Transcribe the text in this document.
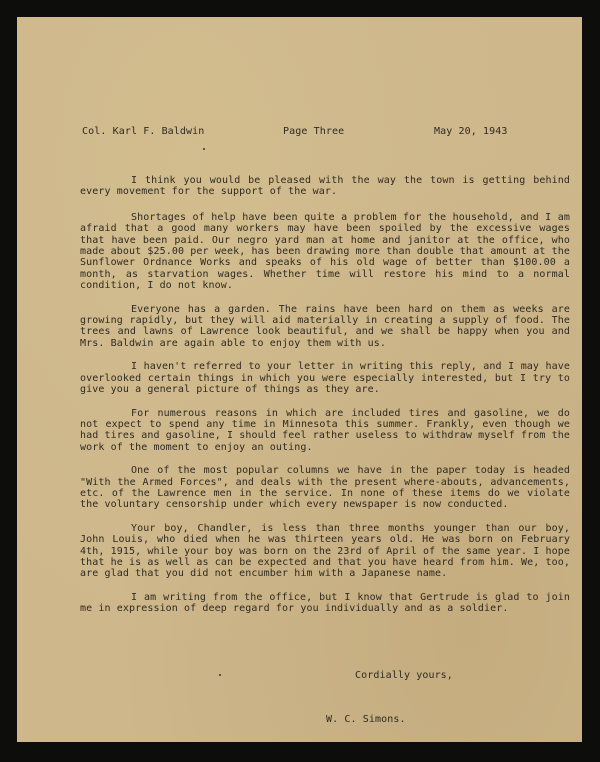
Col. Karl F. Baldwin	Page Three	May 20, 1943

I think you would be pleased with the way the town is getting behind every movement for the support of the war.

Shortages of help have been quite a problem for the household, and I am afraid that a good many workers may have been spoiled by the excessive wages that have been paid. Our negro yard man at home and janitor at the office, who made about $25.00 per week, has been drawing more than double that amount at the Sunflower Ordnance Works and speaks of his old wage of better than $100.00 a month, as starvation wages. Whether time will restore his mind to a normal condition, I do not know.

Everyone has a garden. The rains have been hard on them as weeks are growing rapidly, but they will aid materially in creating a supply of food. The trees and lawns of Lawrence look beautiful, and we shall be happy when you and Mrs. Baldwin are again able to enjoy them with us.

I haven't referred to your letter in writing this reply, and I may have overlooked certain things in which you were especially interested, but I try to give you a general picture of things as they are.

For numerous reasons in which are included tires and gasoline, we do not expect to spend any time in Minnesota this summer. Frankly, even though we had tires and gasoline, I should feel rather useless to withdraw myself from the work of the moment to enjoy an outing.

One of the most popular columns we have in the paper today is headed "With the Armed Forces", and deals with the present where-abouts, advancements, etc. of the Lawrence men in the service. In none of these items do we violate the voluntary censorship under which every newspaper is now conducted.

Your boy, Chandler, is less than three months younger than our boy, John Louis, who died when he was thirteen years old. He was born on February 4th, 1915, while your boy was born on the 23rd of April of the same year. I hope that he is as well as can be expected and that you have heard from him. We, too, are glad that you did not encumber him with a Japanese name.

I am writing from the office, but I know that Gertrude is glad to join me in expression of deep regard for you individually and as a soldier.

Cordially yours,
W. C. Simons.
